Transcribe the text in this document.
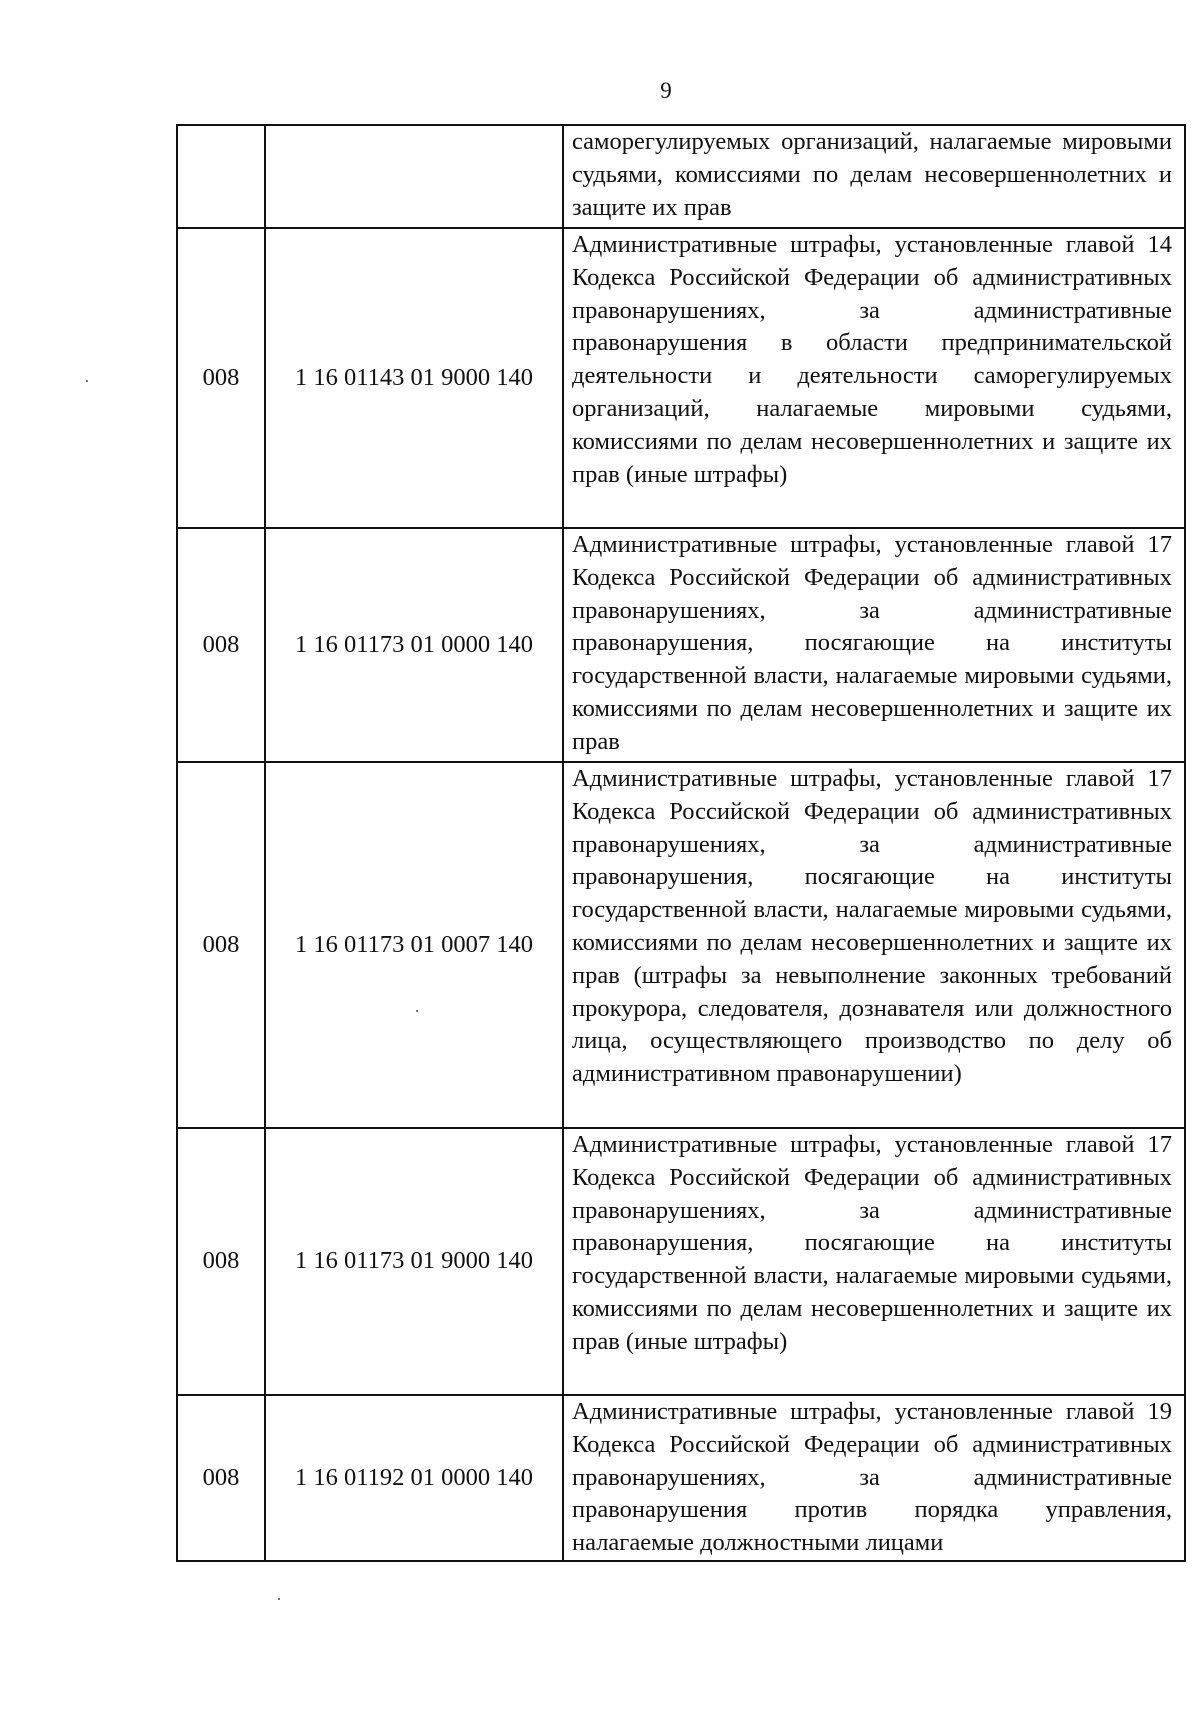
9
		саморегулируемых организаций, налагаемые мировыми судьями, комиссиями по делам несовершеннолетних и защите их прав
008	1 16 01143 01 9000 140	Административные штрафы, установленные главой 14 Кодекса Российской Федерации об административных правонарушениях, за административные правонарушения в области предпринимательской деятельности и деятельности саморегулируемых организаций, налагаемые мировыми судьями, комиссиями по делам несовершеннолетних и защите их прав (иные штрафы)
008	1 16 01173 01 0000 140	Административные штрафы, установленные главой 17 Кодекса Российской Федерации об административных правонарушениях, за административные правонарушения, посягающие на институты государственной власти, налагаемые мировыми судьями, комиссиями по делам несовершеннолетних и защите их прав
008	1 16 01173 01 0007 140	Административные штрафы, установленные главой 17 Кодекса Российской Федерации об административных правонарушениях, за административные правонарушения, посягающие на институты государственной власти, налагаемые мировыми судьями, комиссиями по делам несовершеннолетних и защите их прав (штрафы за невыполнение законных требований прокурора, следователя, дознавателя или должностного лица, осуществляющего производство по делу об административном правонарушении)
008	1 16 01173 01 9000 140	Административные штрафы, установленные главой 17 Кодекса Российской Федерации об административных правонарушениях, за административные правонарушения, посягающие на институты государственной власти, налагаемые мировыми судьями, комиссиями по делам несовершеннолетних и защите их прав (иные штрафы)
008	1 16 01192 01 0000 140	Административные штрафы, установленные главой 19 Кодекса Российской Федерации об административных правонарушениях, за административные правонарушения против порядка управления, налагаемые должностными лицами
